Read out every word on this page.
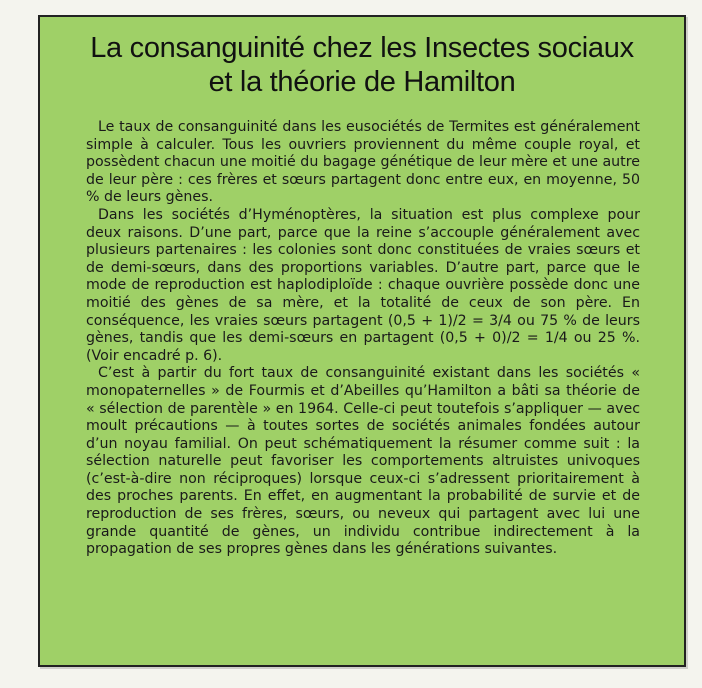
La consanguinité chez les Insectes sociaux
et la théorie de Hamilton

Le taux de consanguinité dans les eusociétés de Termites est généralement simple à calculer. Tous les ouvriers proviennent du même couple royal, et possèdent chacun une moitié du bagage génétique de leur mère et une autre de leur père : ces frères et sœurs partagent donc entre eux, en moyenne, 50 % de leurs gènes.

Dans les sociétés d’Hyménoptères, la situation est plus complexe pour deux raisons. D’une part, parce que la reine s’accouple généralement avec plusieurs partenaires : les colonies sont donc constituées de vraies sœurs et de demi-sœurs, dans des proportions variables. D’autre part, parce que le mode de reproduction est haplodiploïde : chaque ouvrière possède donc une moitié des gènes de sa mère, et la totalité de ceux de son père. En conséquence, les vraies sœurs partagent (0,5 + 1)/2 = 3/4 ou 75 % de leurs gènes, tandis que les demi-sœurs en partagent (0,5 + 0)/2 = 1/4 ou 25 %. (Voir encadré p. 6).

C’est à partir du fort taux de consanguinité existant dans les sociétés « monopaternelles » de Fourmis et d’Abeilles qu’Hamilton a bâti sa théorie de « sélection de parentèle » en 1964. Celle-ci peut toutefois s’appliquer — avec moult précautions — à toutes sortes de sociétés animales fondées autour d’un noyau familial. On peut schématiquement la résumer comme suit : la sélection naturelle peut favoriser les comportements altruistes univoques (c’est-à-dire non réciproques) lorsque ceux-ci s’adressent prioritairement à des proches parents. En effet, en augmentant la probabilité de survie et de reproduction de ses frères, sœurs, ou neveux qui partagent avec lui une grande quantité de gènes, un individu contribue indirectement à la propagation de ses propres gènes dans les générations suivantes.
